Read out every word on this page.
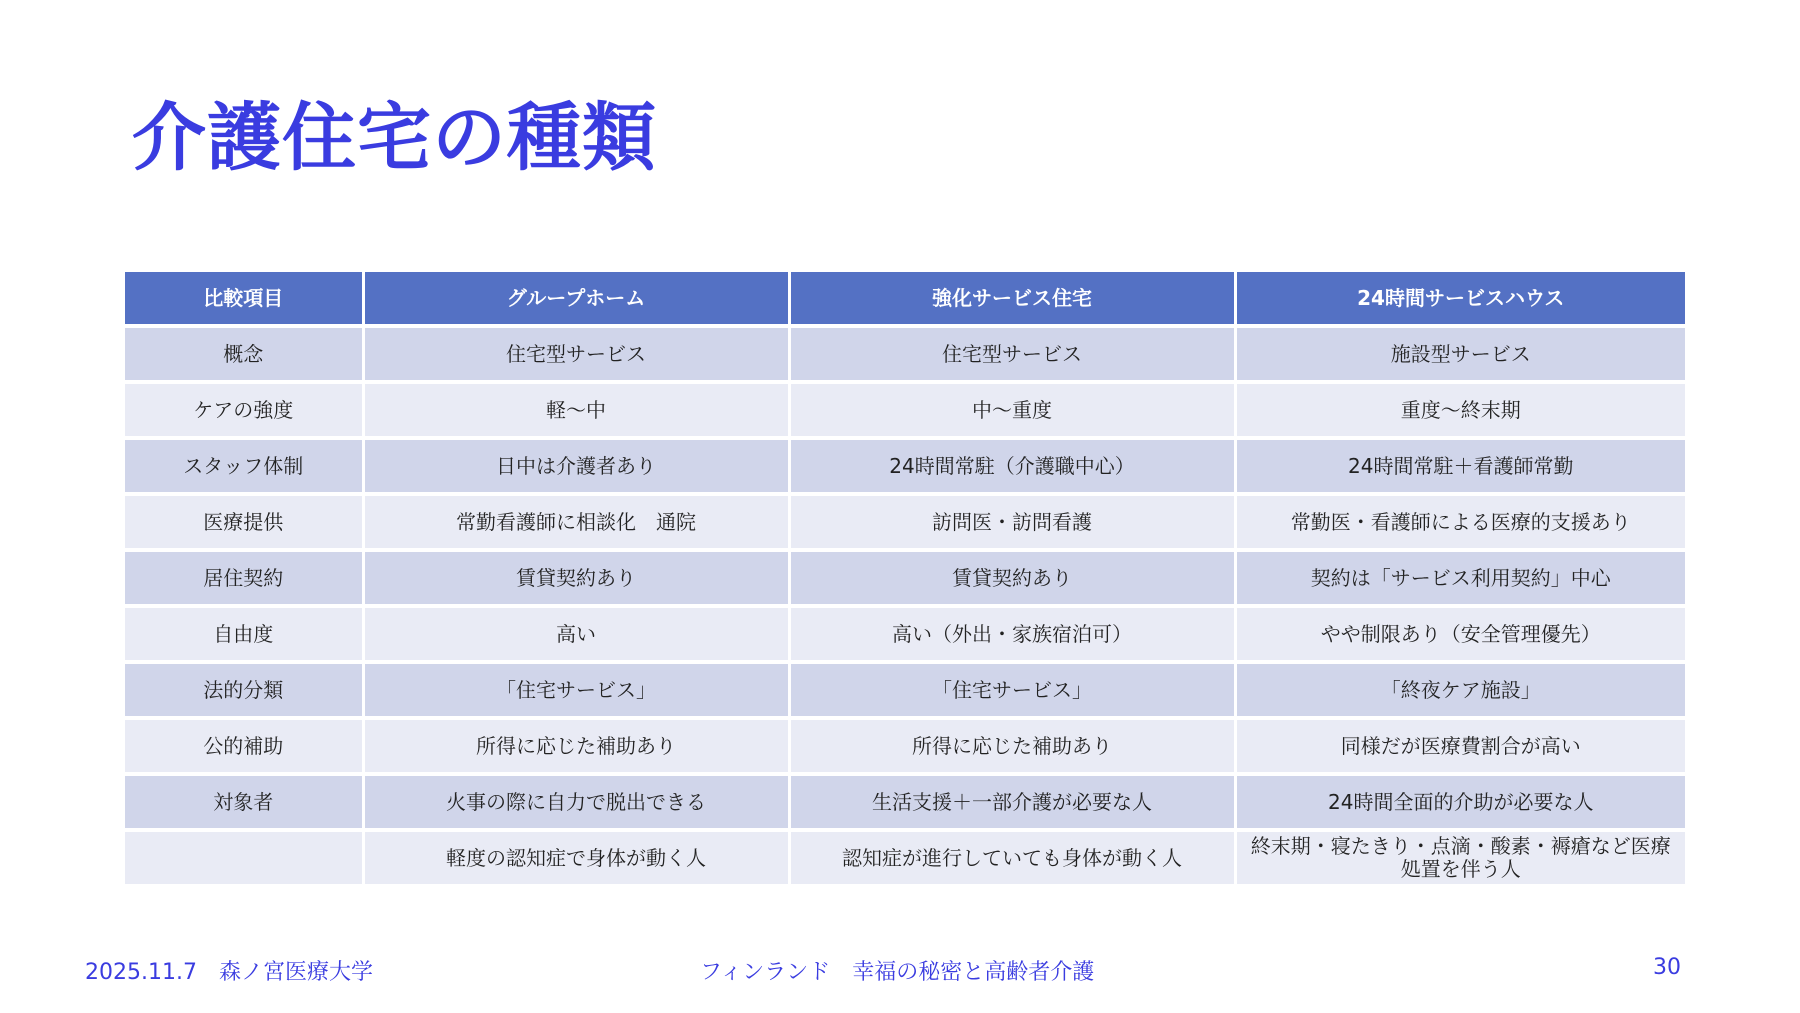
介護住宅の種類
比較項目	グループホーム	強化サービス住宅	24時間サービスハウス
概念	住宅型サービス	住宅型サービス	施設型サービス
ケアの強度	軽〜中	中〜重度	重度〜終末期
スタッフ体制	日中は介護者あり	24時間常駐（介護職中心）	24時間常駐＋看護師常勤
医療提供	常勤看護師に相談化　通院	訪問医・訪問看護	常勤医・看護師による医療的支援あり
居住契約	賃貸契約あり	賃貸契約あり	契約は「サービス利用契約」中心
自由度	高い	高い（外出・家族宿泊可）	やや制限あり（安全管理優先）
法的分類	「住宅サービス」	「住宅サービス」	「終夜ケア施設」
公的補助	所得に応じた補助あり	所得に応じた補助あり	同様だが医療費割合が高い
対象者	火事の際に自力で脱出できる	生活支援＋一部介護が必要な人	24時間全面的介助が必要な人
	軽度の認知症で身体が動く人	認知症が進行していても身体が動く人	終末期・寝たきり・点滴・酸素・褥瘡など医療処置を伴う人
2025.11.7　森ノ宮医療大学	フィンランド　幸福の秘密と高齢者介護	30
